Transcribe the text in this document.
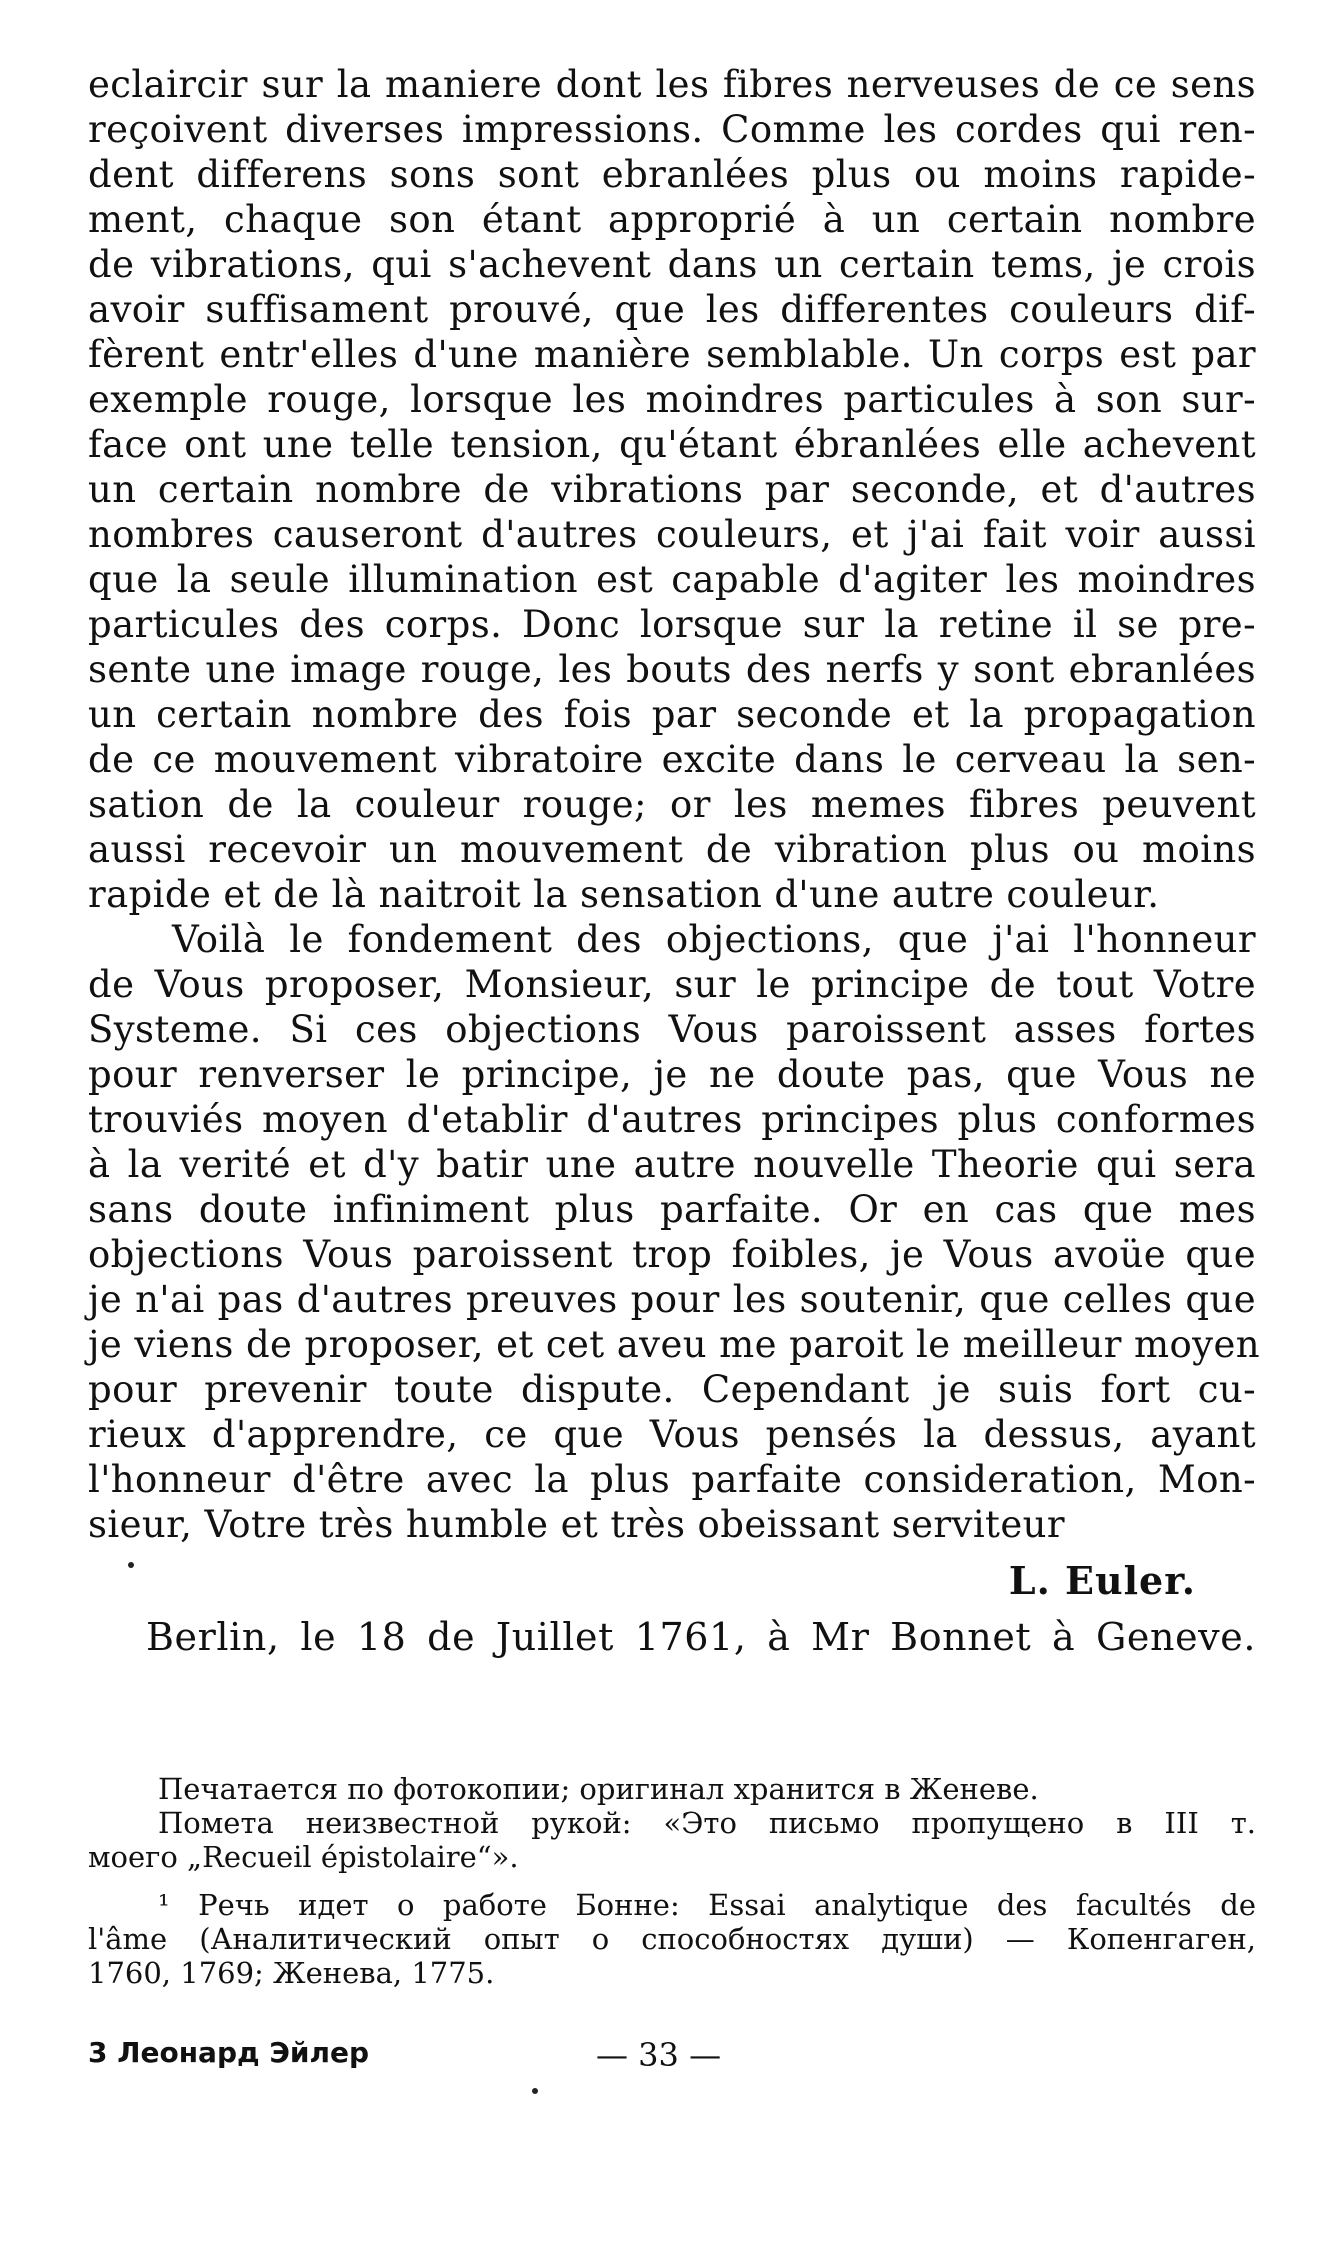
eclaircir sur la maniere dont les fibres nerveuses de ce sens
reçoivent diverses impressions. Comme les cordes qui ren-
dent differens sons sont ebranlées plus ou moins rapide-
ment, chaque son étant approprié à un certain nombre
de vibrations, qui s'achevent dans un certain tems, je crois
avoir suffisament prouvé, que les differentes couleurs dif-
fèrent entr'elles d'une manière semblable. Un corps est par
exemple rouge, lorsque les moindres particules à son sur-
face ont une telle tension, qu'étant ébranlées elle achevent
un certain nombre de vibrations par seconde, et d'autres
nombres causeront d'autres couleurs, et j'ai fait voir aussi
que la seule illumination est capable d'agiter les moindres
particules des corps. Donc lorsque sur la retine il se pre-
sente une image rouge, les bouts des nerfs y sont ebranlées
un certain nombre des fois par seconde et la propagation
de ce mouvement vibratoire excite dans le cerveau la sen-
sation de la couleur rouge; or les memes fibres peuvent
aussi recevoir un mouvement de vibration plus ou moins
rapide et de là naitroit la sensation d'une autre couleur.
Voilà le fondement des objections, que j'ai l'honneur
de Vous proposer, Monsieur, sur le principe de tout Votre
Systeme. Si ces objections Vous paroissent asses fortes
pour renverser le principe, je ne doute pas, que Vous ne
trouviés moyen d'etablir d'autres principes plus conformes
à la verité et d'y batir une autre nouvelle Theorie qui sera
sans doute infiniment plus parfaite. Or en cas que mes
objections Vous paroissent trop foibles, je Vous avoüe que
je n'ai pas d'autres preuves pour les soutenir, que celles que
je viens de proposer, et cet aveu me paroit le meilleur moyen
pour prevenir toute dispute. Cependant je suis fort cu-
rieux d'apprendre, ce que Vous pensés la dessus, ayant
l'honneur d'être avec la plus parfaite consideration, Mon-
sieur, Votre très humble et très obeissant serviteur
L. Euler.
Berlin, le 18 de Juillet 1761, à Mr Bonnet à Geneve.
Печатается по фотокопии; оригинал хранится в Женеве.
Помета неизвестной рукой: «Это письмо пропущено в III т.
моего „Recueil épistolaire“».
¹ Речь идет о работе Бонне: Essai analytique des facultés de
l'âme (Аналитический опыт о способностях души) — Копенгаген,
1760, 1769; Женева, 1775.
3 Леонард Эйлер	— 33 —
